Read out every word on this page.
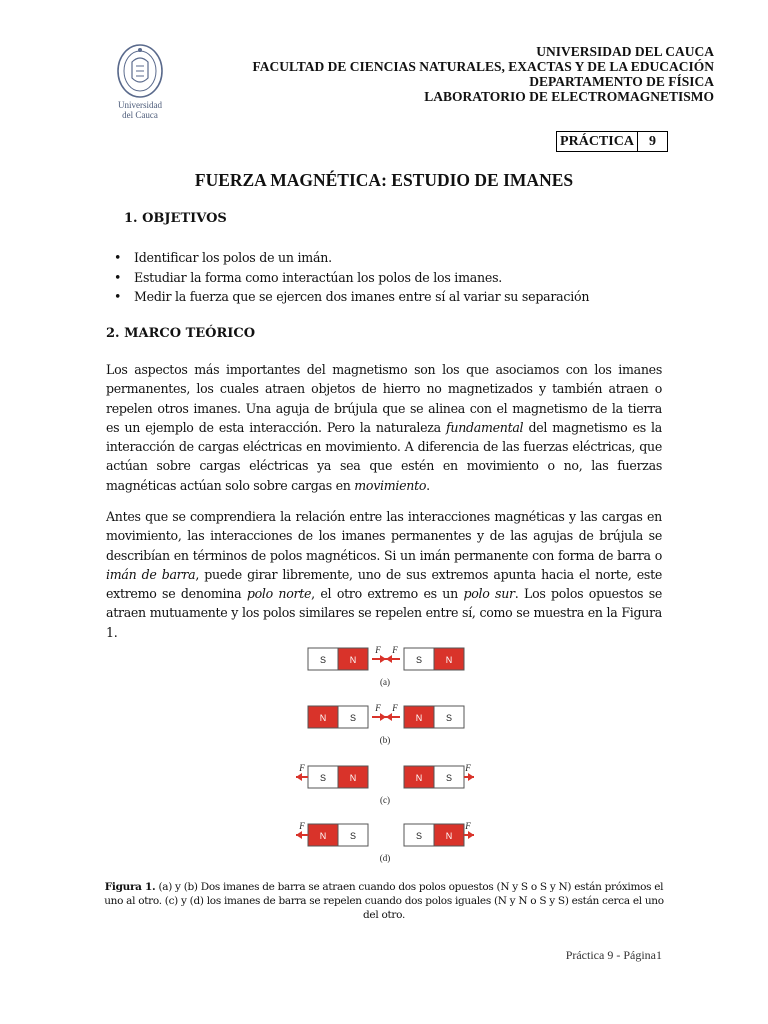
Universidad
del Cauca
UNIVERSIDAD DEL CAUCA
FACULTAD DE CIENCIAS NATURALES, EXACTAS Y DE LA EDUCACIÓN
DEPARTAMENTO DE FÍSICA
LABORATORIO DE ELECTROMAGNETISMO
PRÁCTICA	9
FUERZA MAGNÉTICA: ESTUDIO DE IMANES
1. OBJETIVOS
• Identificar los polos de un imán.
• Estudiar la forma como interactúan los polos de los imanes.
• Medir la fuerza que se ejercen dos imanes entre sí al variar su separación
2. MARCO TEÓRICO

Los aspectos más importantes del magnetismo son los que asociamos con los imanes permanentes, los cuales atraen objetos de hierro no magnetizados y también atraen o repelen otros imanes. Una aguja de brújula que se alinea con el magnetismo de la tierra es un ejemplo de esta interacción. Pero la naturaleza fundamental del magnetismo es la interacción de cargas eléctricas en movimiento. A diferencia de las fuerzas eléctricas, que actúan sobre cargas eléctricas ya sea que estén en movimiento o no, las fuerzas magnéticas actúan solo sobre cargas en movimiento.

Antes que se comprendiera la relación entre las interacciones magnéticas y las cargas en movimiento, las interacciones de los imanes permanentes y de las agujas de brújula se describían en términos de polos magnéticos. Si un imán permanente con forma de barra o imán de barra, puede girar libremente, uno de sus extremos apunta hacia el norte, este extremo se denomina polo norte, el otro extremo es un polo sur. Los polos opuestos se atraen mutuamente y los polos similares se repelen entre sí, como se muestra en la Figura 1.

S	N	S	N
F F
(a)
N	S	N	S
F F
(b)
S	N	N	S
F	F
(c)
N	S	S	N
F	F
(d)
Figura 1. (a) y (b) Dos imanes de barra se atraen cuando dos polos opuestos (N y S o S y N) están próximos el uno al otro. (c) y (d) los imanes de barra se repelen cuando dos polos iguales (N y N o S y S) están cerca el uno del otro.
Práctica 9 - Página1
